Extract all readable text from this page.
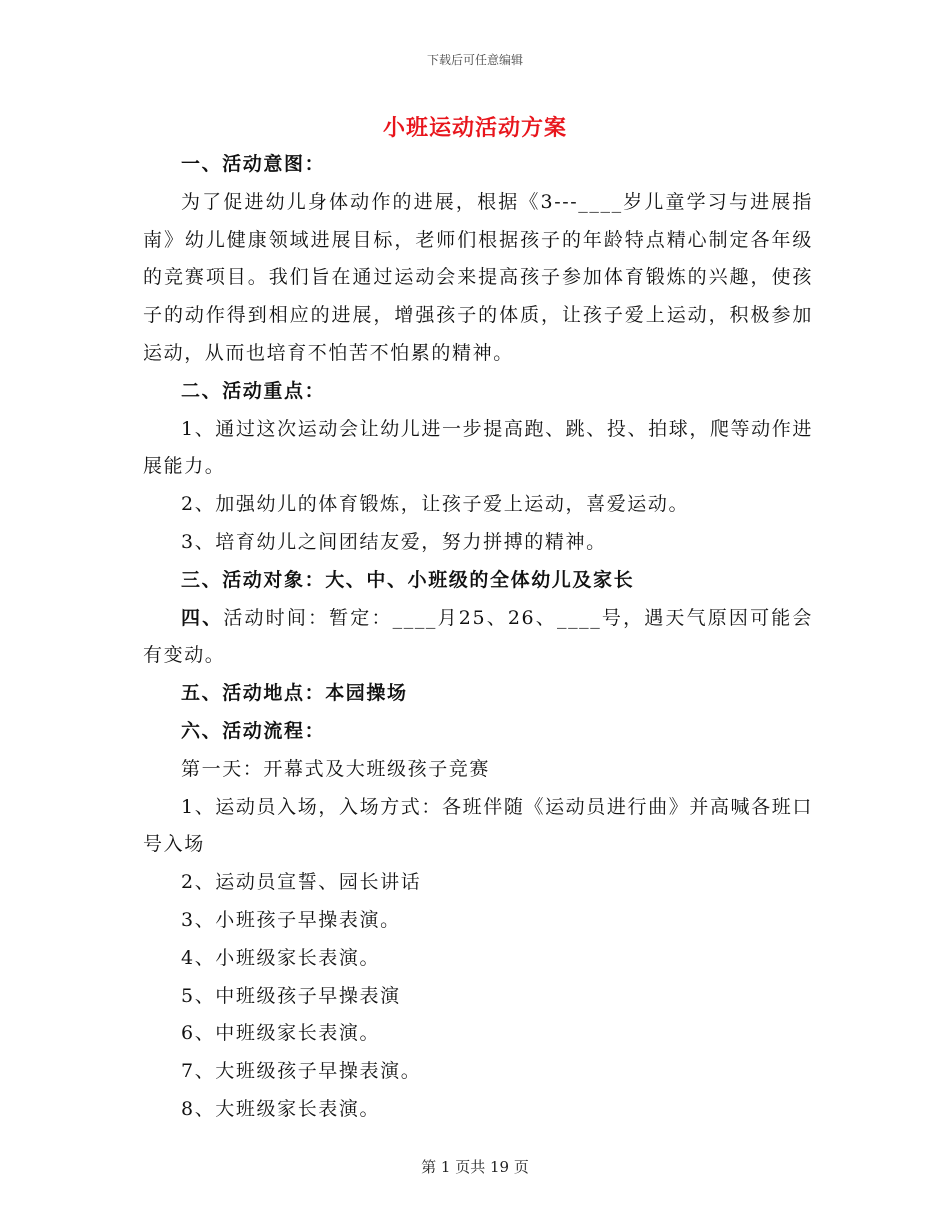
下载后可任意编辑
小班运动活动方案

一、活动意图：

为了促进幼儿身体动作的进展，根据《3---____岁儿童学习与进展指南》幼儿健康领域进展目标，老师们根据孩子的年龄特点精心制定各年级的竞赛项目。我们旨在通过运动会来提高孩子参加体育锻炼的兴趣，使孩子的动作得到相应的进展，增强孩子的体质，让孩子爱上运动，积极参加运动，从而也培育不怕苦不怕累的精神。

二、活动重点：

1、通过这次运动会让幼儿进一步提高跑、跳、投、拍球，爬等动作进展能力。

2、加强幼儿的体育锻炼，让孩子爱上运动，喜爱运动。

3、培育幼儿之间团结友爱，努力拼搏的精神。

三、活动对象：大、中、小班级的全体幼儿及家长

四、活动时间：暂定：____月25、26、____号，遇天气原因可能会有变动。

五、活动地点：本园操场

六、活动流程：

第一天：开幕式及大班级孩子竞赛

1、运动员入场，入场方式：各班伴随《运动员进行曲》并高喊各班口号入场

2、运动员宣誓、园长讲话

3、小班孩子早操表演。

4、小班级家长表演。

5、中班级孩子早操表演

6、中班级家长表演。

7、大班级孩子早操表演。

8、大班级家长表演。

第 1 页共 19 页
